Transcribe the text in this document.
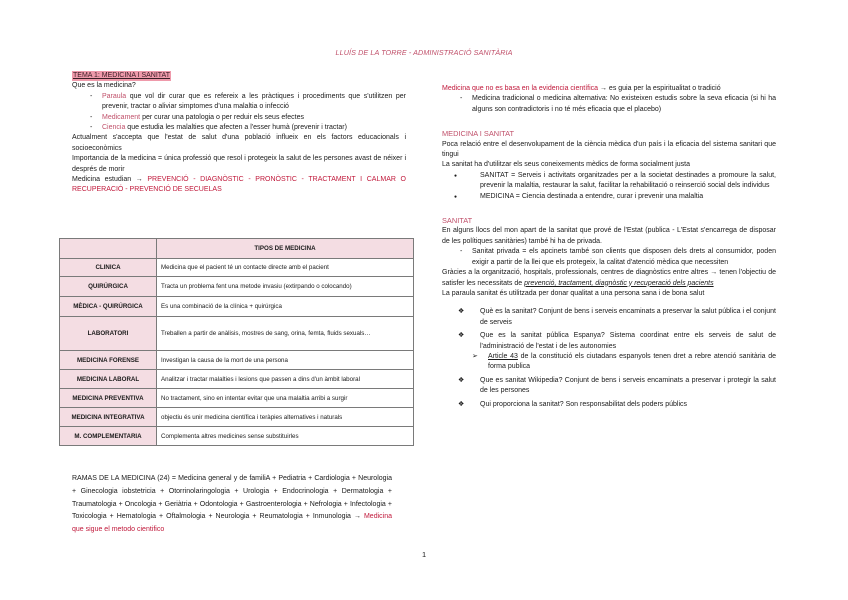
LLUÍS DE LA TORRE - ADMINISTRACIÓ SANITÀRIA
TEMA 1: MEDICINA I SANITAT
Que es la medicina?
- Paraula que vol dir curar que es refereix a les pràctiques i procediments que s'utilitzen per prevenir, tractar o aliviar simptomes d'una malaltia o infecció
- Medicament per curar una patologia o per reduir els seus efectes
- Ciencia que estudia les malalties que afecten a l'esser humà (prevenir i tractar)

Actualment s'accepta que l'estat de salut d'una població influeix en els factors educacionals i socioeconòmics

Importancia de la medicina = única professió que resol i protegeix la salut de les persones avast de néixer i després de morir

Medicina estudian → PREVENCIÓ - DIAGNÒSTIC - PRONÒSTIC - TRACTAMENT I CALMAR O RECUPERACIÓ - PREVENCIÓ DE SECUELAS

	TIPOS DE MEDICINA
CLINICA	Medicina que el pacient té un contacte directe amb el pacient
QUIRÚRGICA	Tracta un problema fent una metode invasiu (extirpando o colocando)
MÈDICA - QUIRÚRGICA	Es una combinació de la clínica + quirúrgica
LABORATORI	Treballen a partir de anàlisis, mostres de sang, orina, femta, fluids sexuals…
MEDICINA FORENSE	Investigan la causa de la mort de una persona
MEDICINA LABORAL	Analitzar i tractar malalties i lesions que passen a dins d'un àmbit laboral
MEDICINA PREVENTIVA	No tractament, sino en intentar evitar que una malaltia arribi a surgir
MEDICINA INTEGRATIVA	objectiu és unir medicina científica i teràpies alternatives i naturals
M. COMPLEMENTARIA	Complementa altres medicines sense substituirles
RAMAS DE LA MEDICINA (24) = Medicina general y de familiA + Pediatria + Cardiologia + Neurologia + Ginecologia iobstetricia + Otorrinolaringologia + Urologia + Endocrinologia + Dermatologia + Traumatologia + Oncologia + Geriàtria + Odontologia + Gastroenterologia + Nefrologia + Infectologia + Toxicologia + Hematologia + Oftalmologia + Neurologia + Reumatologia + Inmunologia → Medicina que sigue el metodo cientifico
Medicina que no es basa en la evidencia científica → es guia per la espiritualitat o tradició
- Medicina tradicional o medicina alternativa: No existeixen estudis sobre la seva eficacia (si hi ha alguns son contradictoris i no té més eficacia que el placebo)
MEDICINA I SANITAT

Poca relació entre el desenvolupament de la ciència mèdica d'un país i la eficacia del sistema sanitari que tingui

La sanitat ha d'utilitzar els seus coneixements mèdics de forma socialment justa

● SANITAT = Serveis i activitats organitzades per a la societat destinades a promoure la salut, prevenir la malaltia, restaurar la salut, facilitar la rehabilitació o reinserció social dels individus
● MEDICINA = Ciencia destinada a entendre, curar i prevenir una malaltia
SANITAT

En alguns llocs del mon apart de la sanitat que prové de l'Estat (publica - L'Estat s'encarrega de disposar de les polítiques sanitàries) també hi ha de privada.

- Sanitat privada = els apcinets també son clients que disposen dels drets al consumidor, poden exigir a partir de la llei que els protegeix, la calitat d'atenció mèdica que necessiten

Gràcies a la organització, hospitals, professionals, centres de diagnòstics entre altres → tenen l'objectiu de satisfer les necessitats de prevenció, tractament, diagnòstic y recuperació dels pacients

La paraula sanitat és utilitzada per donar qualitat a una persona sana i de bona salut

❖ Què es la sanitat? Conjunt de bens i serveis encaminats a preservar la salut pública i el conjunt de serveis
❖ Que es la sanitat pública Espanya? Sistema coordinat entre els serveis de salut de l'administració de l'estat i de les autonomies
➢ Article 43 de la constitució els ciutadans espanyols tenen dret a rebre atenció sanitària de forma publica
❖ Que es sanitat Wikipedia? Conjunt de bens i serveis encaminats a preservar i protegir la salut de les persones
❖ Qui proporciona la sanitat? Son responsabilitat dels poders públics
1
